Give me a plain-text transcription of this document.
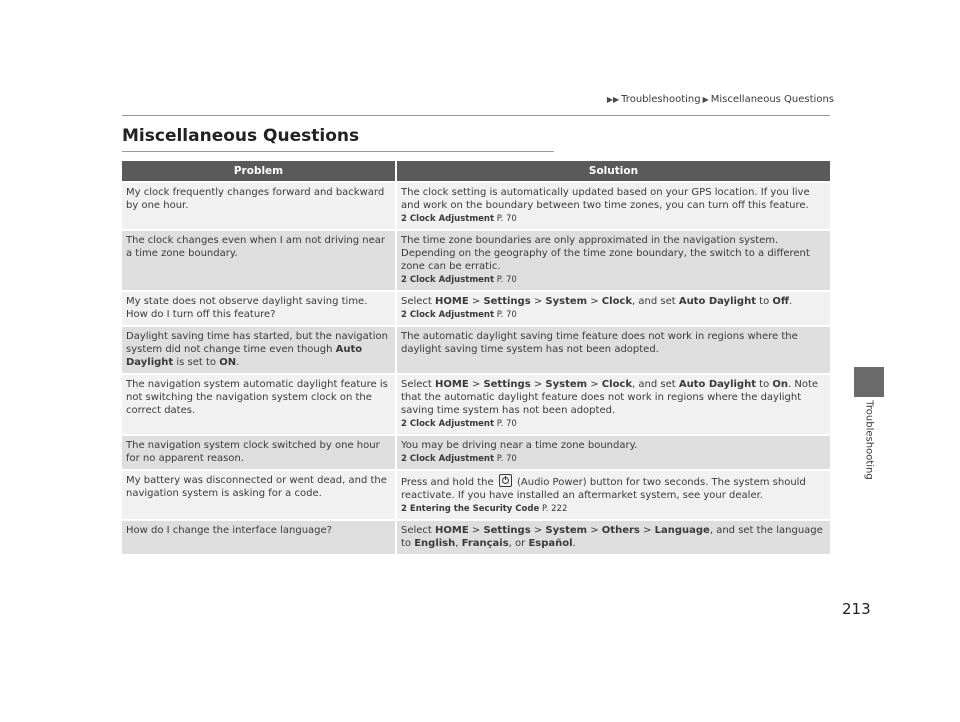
▶▶ Troubleshooting ▶ Miscellaneous Questions
Miscellaneous Questions
Problem	Solution
My clock frequently changes forward and backward by one hour.	The clock setting is automatically updated based on your GPS location. If you live and work on the boundary between two time zones, you can turn off this feature.
2 Clock Adjustment P. 70

The clock changes even when I am not driving near a time zone boundary.	The time zone boundaries are only approximated in the navigation system. Depending on the geography of the time zone boundary, the switch to a different zone can be erratic.
2 Clock Adjustment P. 70

My state does not observe daylight saving time. How do I turn off this feature?	Select HOME > Settings > System > Clock, and set Auto Daylight to Off.
2 Clock Adjustment P. 70

Daylight saving time has started, but the navigation system did not change time even though Auto Daylight is set to ON.	The automatic daylight saving time feature does not work in regions where the daylight saving time system has not been adopted.

The navigation system automatic daylight feature is not switching the navigation system clock on the correct dates.	Select HOME > Settings > System > Clock, and set Auto Daylight to On. Note that the automatic daylight feature does not work in regions where the daylight saving time system has not been adopted.
2 Clock Adjustment P. 70

The navigation system clock switched by one hour for no apparent reason.	You may be driving near a time zone boundary.
2 Clock Adjustment P. 70

My battery was disconnected or went dead, and the navigation system is asking for a code.	Press and hold the  (Audio Power) button for two seconds. The system should reactivate. If you have installed an aftermarket system, see your dealer.
2 Entering the Security Code P. 222

How do I change the interface language?	Select HOME > Settings > System > Others > Language, and set the language to English, Français, or Español.
Troubleshooting
213
